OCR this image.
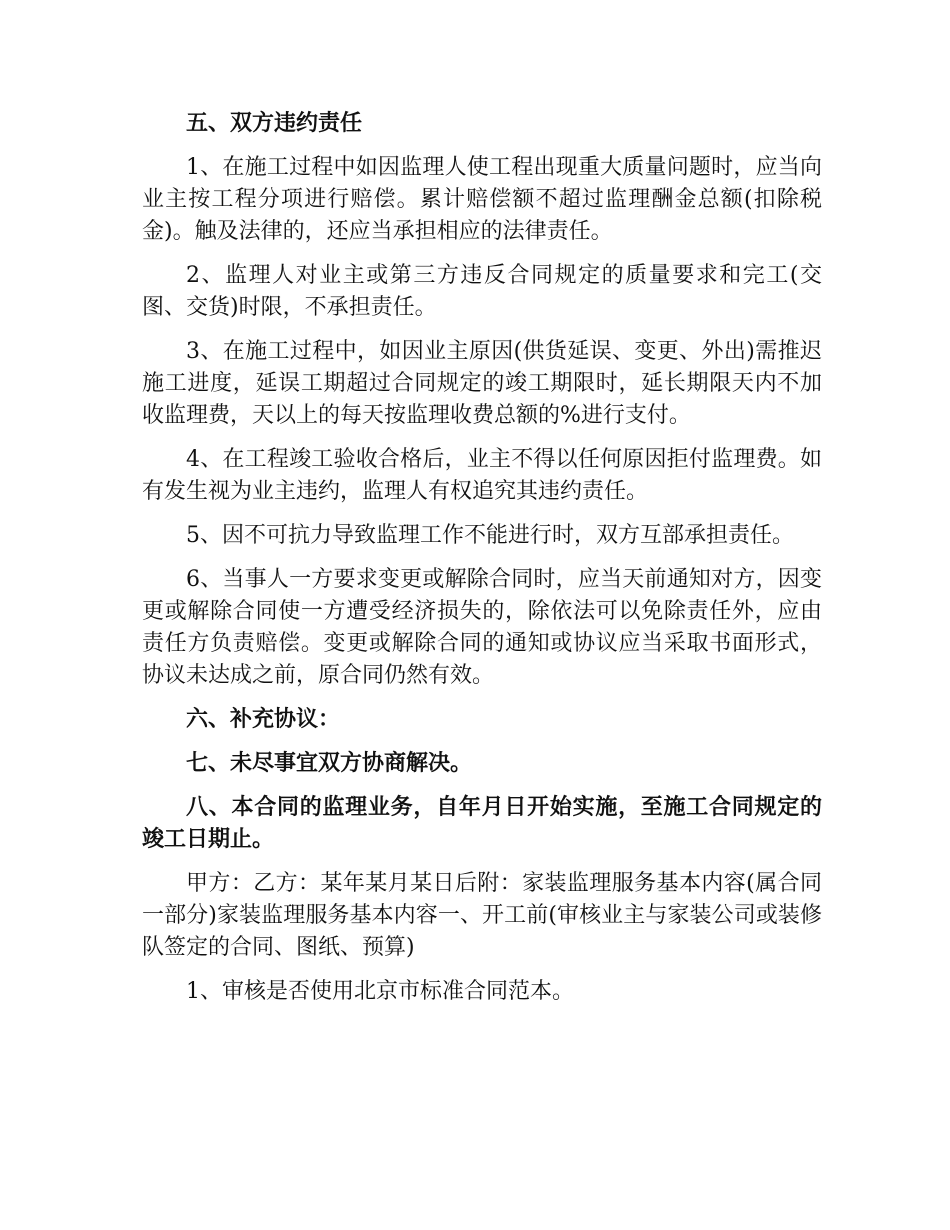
五、双方违约责任

1、在施工过程中如因监理人使工程出现重大质量问题时，应当向业主按工程分项进行赔偿。累计赔偿额不超过监理酬金总额(扣除税金)。触及法律的，还应当承担相应的法律责任。

2、监理人对业主或第三方违反合同规定的质量要求和完工(交图、交货)时限，不承担责任。

3、在施工过程中，如因业主原因(供货延误、变更、外出)需推迟施工进度，延误工期超过合同规定的竣工期限时，延长期限天内不加收监理费，天以上的每天按监理收费总额的%进行支付。

4、在工程竣工验收合格后，业主不得以任何原因拒付监理费。如有发生视为业主违约，监理人有权追究其违约责任。

5、因不可抗力导致监理工作不能进行时，双方互部承担责任。

6、当事人一方要求变更或解除合同时，应当天前通知对方，因变更或解除合同使一方遭受经济损失的，除依法可以免除责任外，应由责任方负责赔偿。变更或解除合同的通知或协议应当采取书面形式，协议未达成之前，原合同仍然有效。

六、补充协议：

七、未尽事宜双方协商解决。

八、本合同的监理业务，自年月日开始实施，至施工合同规定的竣工日期止。

甲方：乙方：某年某月某日后附：家装监理服务基本内容(属合同一部分)家装监理服务基本内容一、开工前(审核业主与家装公司或装修队签定的合同、图纸、预算)

1、审核是否使用北京市标准合同范本。
